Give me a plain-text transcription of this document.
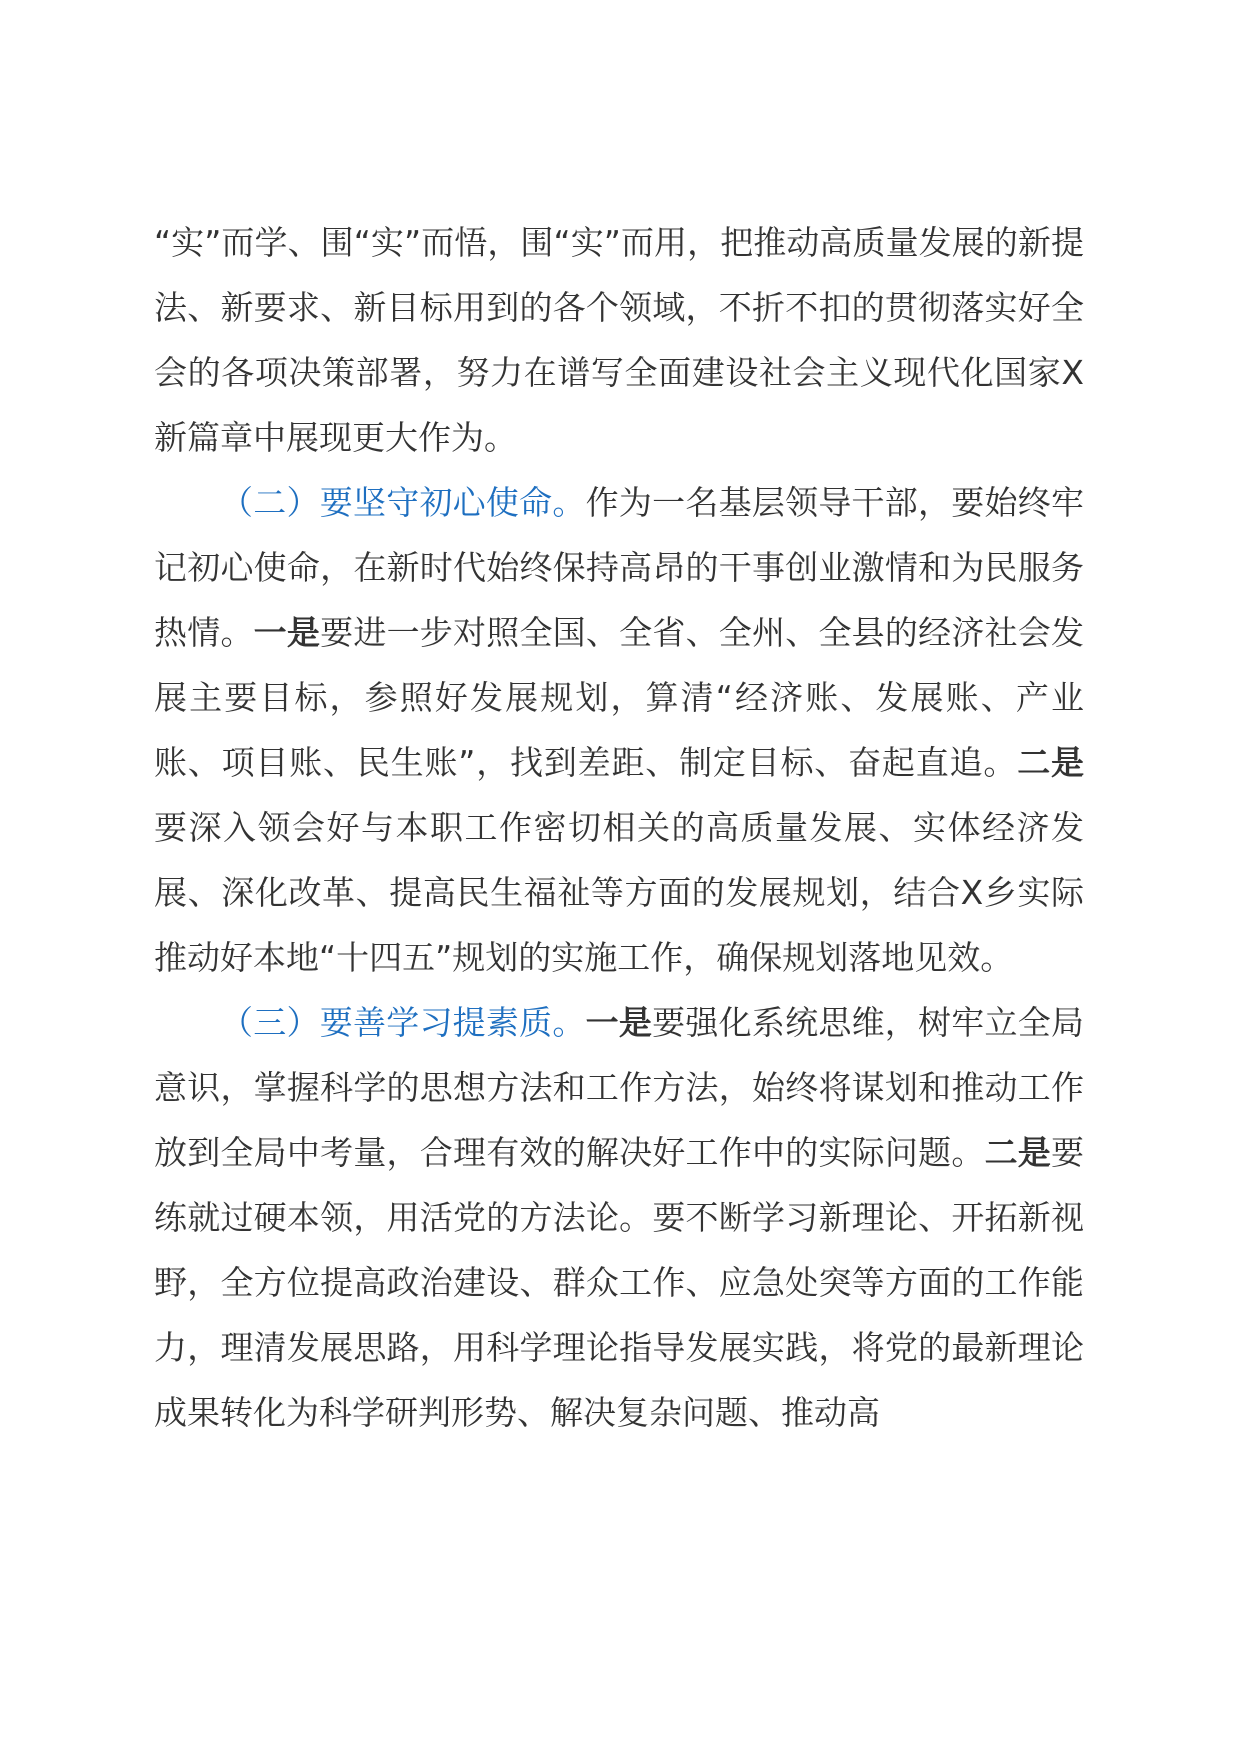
“实”而学、围“实”而悟，围“实”而用，把推动高质量发展的新提法、新要求、新目标用到的各个领域，不折不扣的贯彻落实好全会的各项决策部署，努力在谱写全面建设社会主义现代化国家X新篇章中展现更大作为。

（二）要坚守初心使命。作为一名基层领导干部，要始终牢记初心使命，在新时代始终保持高昂的干事创业激情和为民服务热情。一是要进一步对照全国、全省、全州、全县的经济社会发展主要目标，参照好发展规划，算清“经济账、发展账、产业账、项目账、民生账”，找到差距、制定目标、奋起直追。二是要深入领会好与本职工作密切相关的高质量发展、实体经济发展、深化改革、提高民生福祉等方面的发展规划，结合X乡实际推动好本地“十四五”规划的实施工作，确保规划落地见效。

（三）要善学习提素质。一是要强化系统思维，树牢立全局意识，掌握科学的思想方法和工作方法，始终将谋划和推动工作放到全局中考量，合理有效的解决好工作中的实际问题。二是要练就过硬本领，用活党的方法论。要不断学习新理论、开拓新视野，全方位提高政治建设、群众工作、应急处突等方面的工作能力，理清发展思路，用科学理论指导发展实践，将党的最新理论成果转化为科学研判形势、解决复杂问题、推动高
